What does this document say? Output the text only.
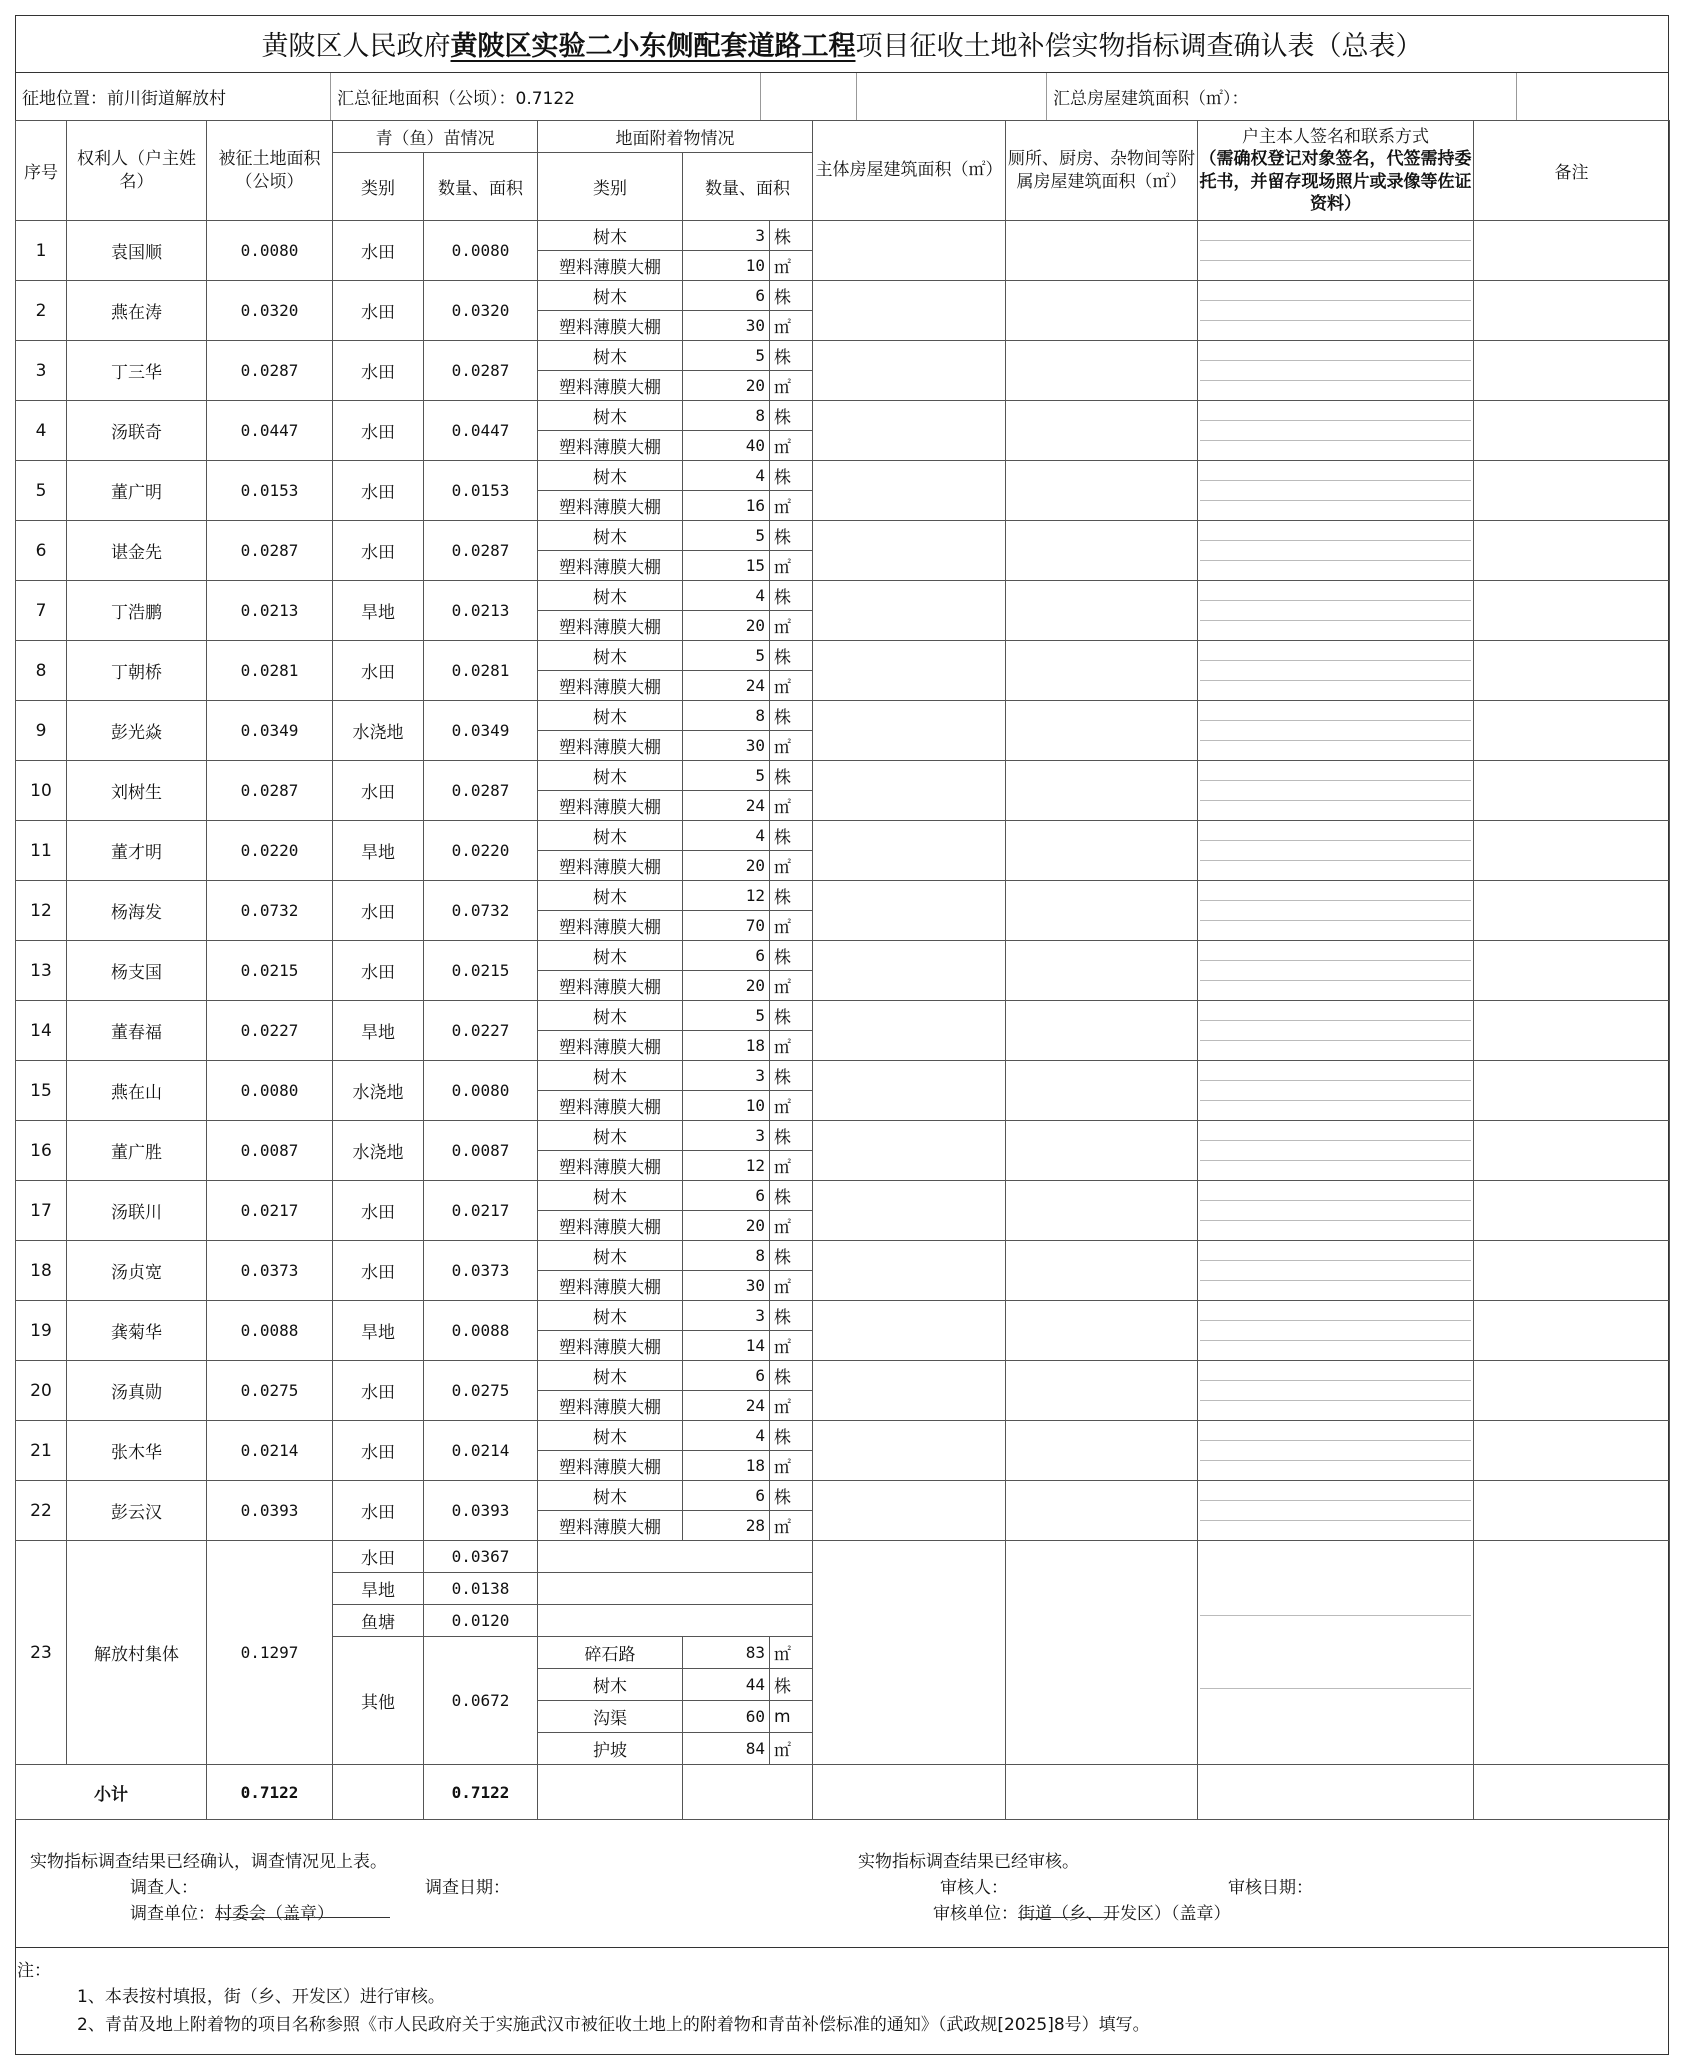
黄陂区人民政府 黄陂区实验二小东侧配套道路工程 项目征收土地补偿实物指标调查确认表（总表）
征地位置：前川街道解放村	汇总征地面积（公顷）：0.7122	汇总房屋建筑面积（㎡）：
序号	权利人（户主姓名）	被征土地面积（公顷）	青（鱼）苗情况		地面附着物情况			主体房屋建筑面积（㎡）	厕所、厨房、杂物间等附属房屋建筑面积（㎡）	户主本人签名和联系方式
（需确权登记对象签名，代签需持委托书，并留存现场照片或录像等佐证资料）	备注
			类别	数量、面积	类别	数量、面积					
1	袁国顺	0.0080	水田	0.0080	树木	3	株			

					塑料薄膜大棚	10	㎡				
2	燕在涛	0.0320	水田	0.0320	树木	6	株			

					塑料薄膜大棚	30	㎡				
3	丁三华	0.0287	水田	0.0287	树木	5	株			

					塑料薄膜大棚	20	㎡				
4	汤联奇	0.0447	水田	0.0447	树木	8	株			

					塑料薄膜大棚	40	㎡				
5	董广明	0.0153	水田	0.0153	树木	4	株			

					塑料薄膜大棚	16	㎡				
6	谌金先	0.0287	水田	0.0287	树木	5	株			

					塑料薄膜大棚	15	㎡				
7	丁浩鹏	0.0213	旱地	0.0213	树木	4	株			

					塑料薄膜大棚	20	㎡				
8	丁朝桥	0.0281	水田	0.0281	树木	5	株			

					塑料薄膜大棚	24	㎡				
9	彭光焱	0.0349	水浇地	0.0349	树木	8	株			

					塑料薄膜大棚	30	㎡				
10	刘树生	0.0287	水田	0.0287	树木	5	株			

					塑料薄膜大棚	24	㎡				
11	董才明	0.0220	旱地	0.0220	树木	4	株			

					塑料薄膜大棚	20	㎡				
12	杨海发	0.0732	水田	0.0732	树木	12	株			

					塑料薄膜大棚	70	㎡				
13	杨支国	0.0215	水田	0.0215	树木	6	株			

					塑料薄膜大棚	20	㎡				
14	董春福	0.0227	旱地	0.0227	树木	5	株			

					塑料薄膜大棚	18	㎡				
15	燕在山	0.0080	水浇地	0.0080	树木	3	株			

					塑料薄膜大棚	10	㎡				
16	董广胜	0.0087	水浇地	0.0087	树木	3	株			

					塑料薄膜大棚	12	㎡				
17	汤联川	0.0217	水田	0.0217	树木	6	株			

					塑料薄膜大棚	20	㎡				
18	汤贞宽	0.0373	水田	0.0373	树木	8	株			

					塑料薄膜大棚	30	㎡				
19	龚菊华	0.0088	旱地	0.0088	树木	3	株			

					塑料薄膜大棚	14	㎡				
20	汤真勋	0.0275	水田	0.0275	树木	6	株			

					塑料薄膜大棚	24	㎡				
21	张木华	0.0214	水田	0.0214	树木	4	株			

					塑料薄膜大棚	18	㎡				
22	彭云汉	0.0393	水田	0.0393	树木	6	株			

					塑料薄膜大棚	28	㎡				
23	解放村集体	0.1297	水田	0.0367						

			旱地	0.0138							
			鱼塘	0.0120							
			其他	0.0672	碎石路	83	㎡				
					树木	44	株				
					沟渠	60	m				
					护坡	84	㎡				
小计		0.7122		0.7122							
实物指标调查结果已经确认，调查情况见上表。
调查人：	调查日期：
调查单位：
村委会（盖章）
实物指标调查结果已经审核。
审核人：	审核日期：
审核单位：
街道（乡、开发区）（盖章）
注：
1、本表按村填报，街（乡、开发区）进行审核。
2、青苗及地上附着物的项目名称参照《市人民政府关于实施武汉市被征收土地上的附着物和青苗补偿标准的通知》（武政规[2025]8号）填写。
